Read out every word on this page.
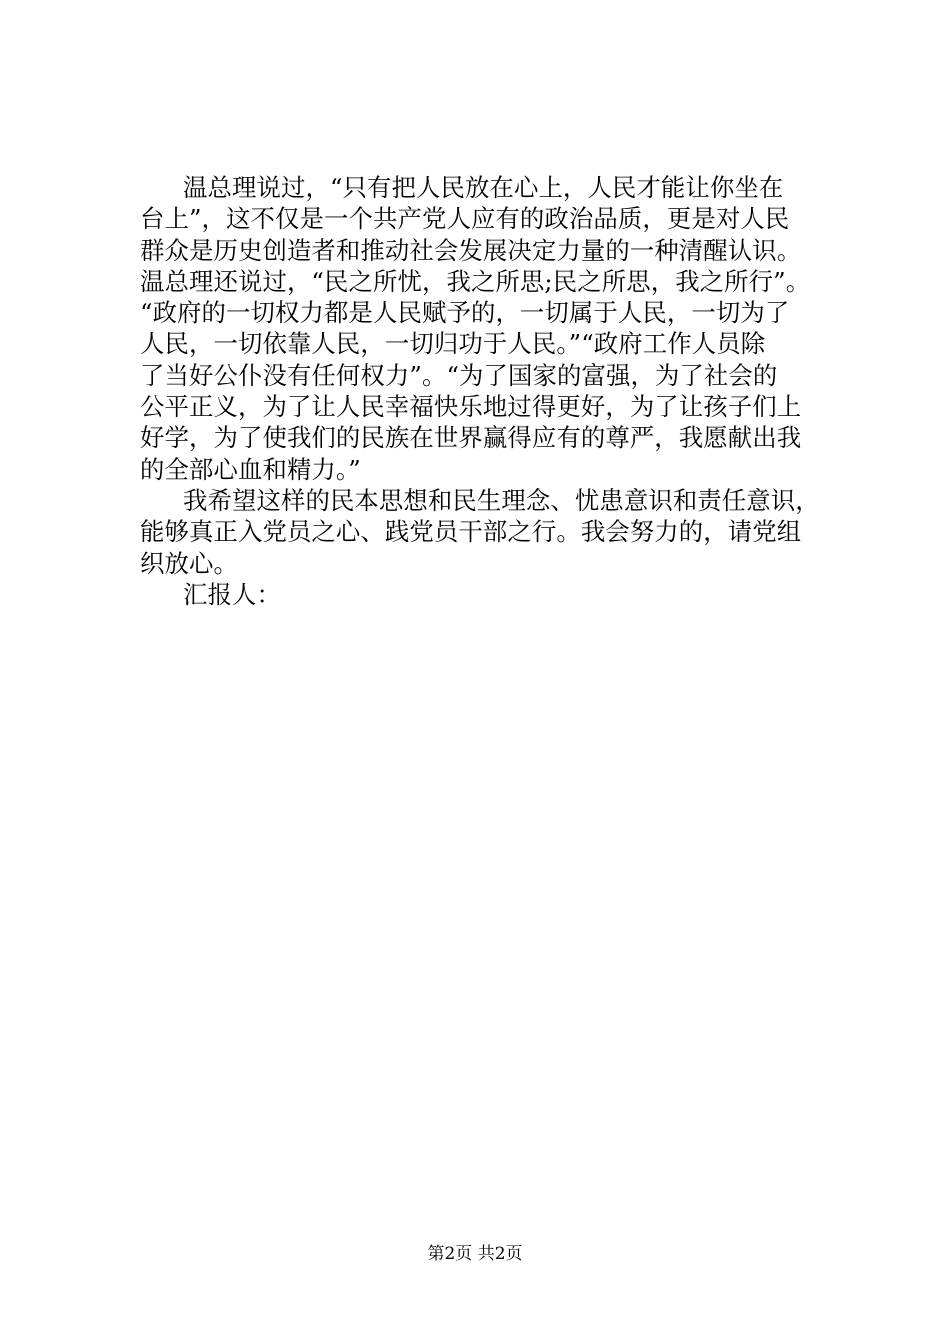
温总理说过，“只有把人民放在心上，人民才能让你坐在
台上”，这不仅是一个共产党人应有的政治品质，更是对人民
群众是历史创造者和推动社会发展决定力量的一种清醒认识。
温总理还说过，“民之所忧，我之所思;民之所思，我之所行”。
“政府的一切权力都是人民赋予的，一切属于人民，一切为了
人民，一切依靠人民，一切归功于人民。”“政府工作人员除
了当好公仆没有任何权力”。“为了国家的富强，为了社会的
公平正义，为了让人民幸福快乐地过得更好，为了让孩子们上
好学，为了使我们的民族在世界赢得应有的尊严，我愿献出我
的全部心血和精力。”
我希望这样的民本思想和民生理念、忧患意识和责任意识，
能够真正入党员之心、践党员干部之行。我会努力的，请党组
织放心。
汇报人：
第2页 共2页
